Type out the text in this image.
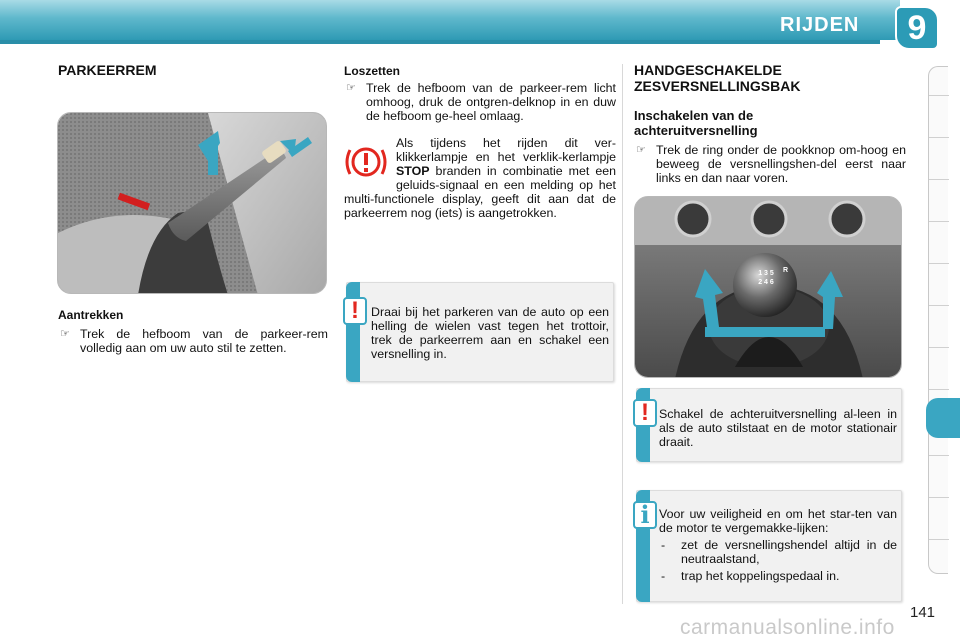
RIJDEN	9
PARKEERREM
Aantrekken
☞ Trek de hefboom van de parkeer-rem volledig aan om uw auto stil te zetten.
Loszetten
☞ Trek de hefboom van de parkeer-rem licht omhoog, druk de ontgren-delknop in en duw de hefboom ge-heel omlaag.
Als tijdens het rijden dit ver-klikkerlampje en het verklik-kerlampje STOP branden in combinatie met een geluids-signaal en een melding op het multi-functionele display, geeft dit aan dat de parkeerrem nog (iets) is aangetrokken.
! Draai bij het parkeren van de auto op een helling de wielen vast tegen het trottoir, trek de parkeerrem aan en schakel een versnelling in.
HANDGESCHAKELDE
ZESVERSNELLINGSBAK
Inschakelen van de
achteruitversnelling
☞ Trek de ring onder de pookknop om-hoog en beweeg de versnellingshen-del eerst naar links en dan naar voren.
1 3 5
2 4 6
R
! Schakel de achteruitversnelling al-leen in als de auto stilstaat en de motor stationair draait.
i Voor uw veiligheid en om het star-ten van de motor te vergemakke-lijken:
- zet de versnellingshendel altijd in de neutraalstand,
- trap het koppelingspedaal in.
141
carmanualsonline.info
